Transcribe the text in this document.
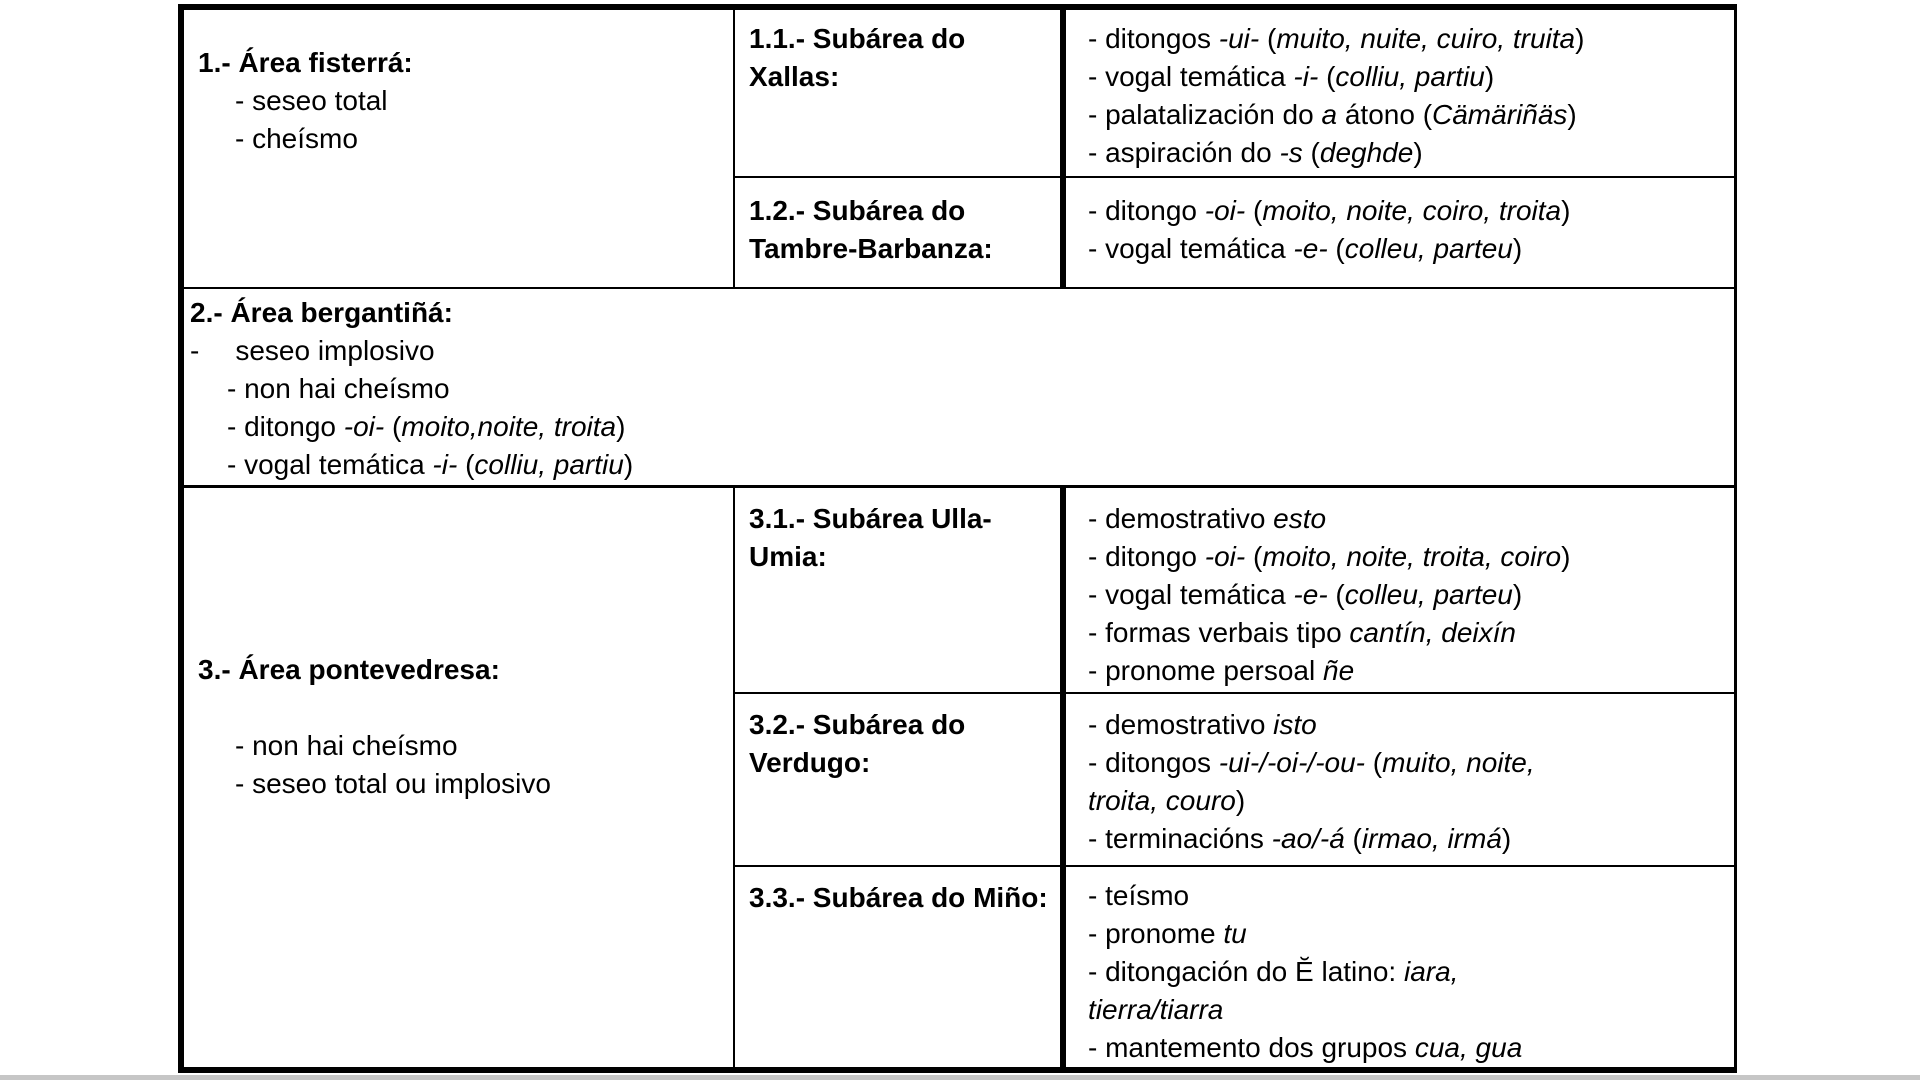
1.- Área fisterrá:
- seseo total
- cheísmo
1.1.- Subárea do Xallas:
- ditongos -ui- (muito, nuite, cuiro, truita)
- vogal temática -i- (colliu, partiu)
- palatalización do a átono (Cämäriñäs)
- aspiración do -s (deghde)
1.2.- Subárea do Tambre-Barbanza:
- ditongo -oi- (moito, noite, coiro, troita)
- vogal temática -e- (colleu, parteu)
2.- Área bergantiñá:
- seseo implosivo
- non hai cheísmo
- ditongo -oi- (moito,noite, troita)
- vogal temática -i- (colliu, partiu)
3.- Área pontevedresa:
- non hai cheísmo
- seseo total ou implosivo
3.1.- Subárea Ulla-Umia:
- demostrativo esto
- ditongo -oi- (moito, noite, troita, coiro)
- vogal temática -e- (colleu, parteu)
- formas verbais tipo cantín, deixín
- pronome persoal ñe
3.2.- Subárea do Verdugo:
- demostrativo isto
- ditongos -ui-/-oi-/-ou- (muito, noite,
troita, couro)
- terminacións -ao/-á (irmao, irmá)
3.3.- Subárea do Miño: - teísmo
- pronome tu
- ditongación do Ĕ latino: iara,
tierra/tiarra
- mantemento dos grupos cua, gua
